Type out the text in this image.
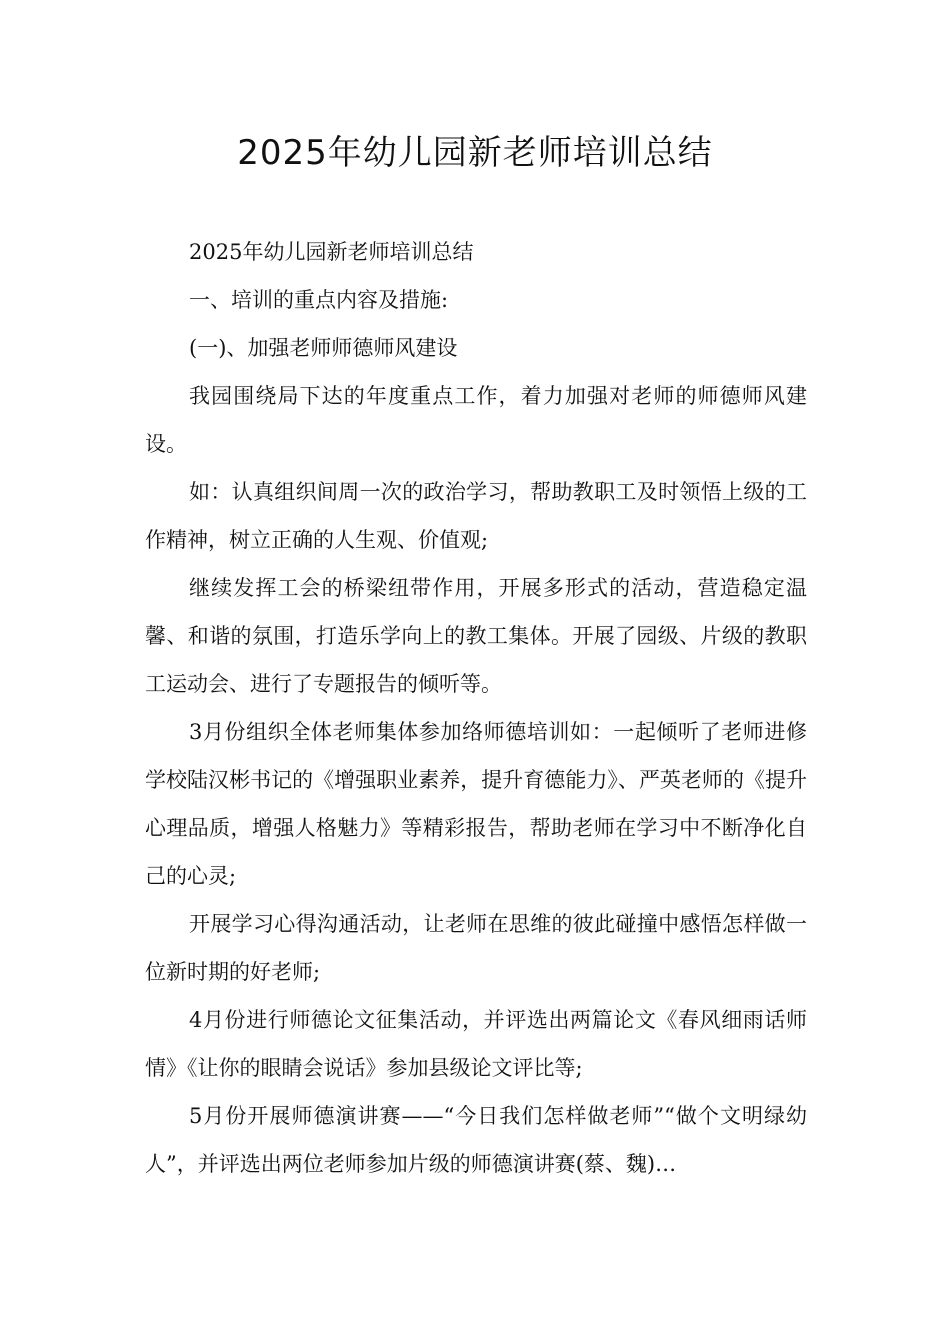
2025年幼儿园新老师培训总结

2025年幼儿园新老师培训总结

一、培训的重点内容及措施:

(一)、加强老师师德师风建设

我园围绕局下达的年度重点工作，着力加强对老师的师德师风建设。

如：认真组织间周一次的政治学习，帮助教职工及时领悟上级的工作精神，树立正确的人生观、价值观;

继续发挥工会的桥梁纽带作用，开展多形式的活动，营造稳定温馨、和谐的氛围，打造乐学向上的教工集体。开展了园级、片级的教职工运动会、进行了专题报告的倾听等。

3月份组织全体老师集体参加络师德培训如：一起倾听了老师进修学校陆汉彬书记的《增强职业素养，提升育德能力》、严英老师的《提升心理品质，增强人格魅力》等精彩报告，帮助老师在学习中不断净化自己的心灵;

开展学习心得沟通活动，让老师在思维的彼此碰撞中感悟怎样做一位新时期的好老师;

4月份进行师德论文征集活动，并评选出两篇论文《春风细雨话师情》《让你的眼睛会说话》参加县级论文评比等;

5月份开展师德演讲赛——“今日我们怎样做老师”“做个文明绿幼人”，并评选出两位老师参加片级的师德演讲赛(蔡、魏)…
